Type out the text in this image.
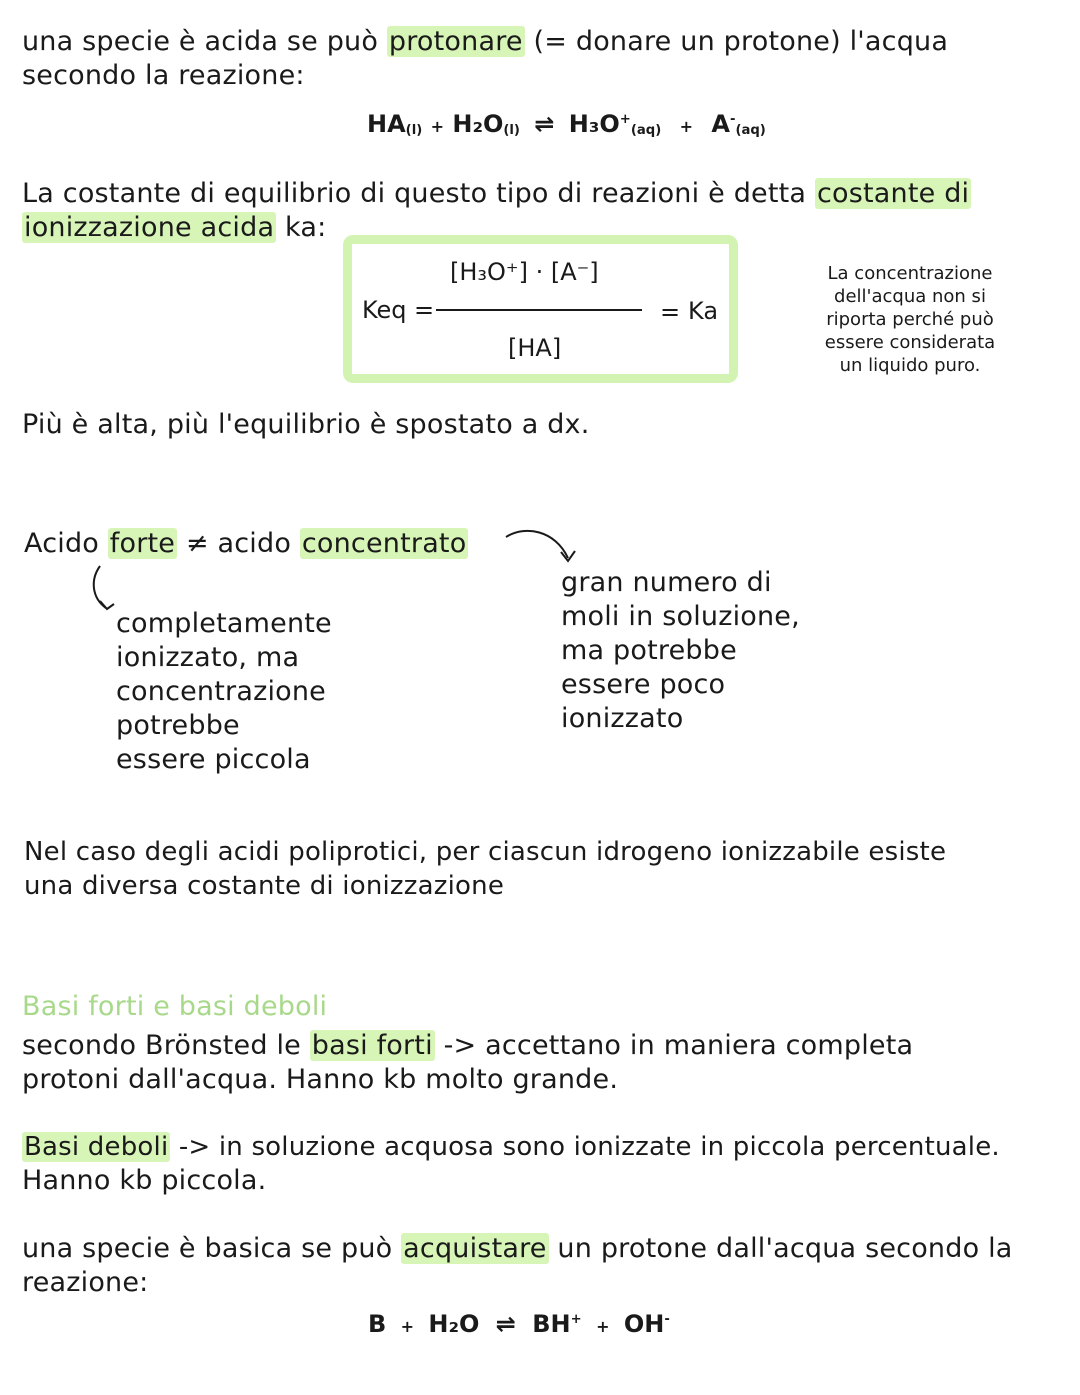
una specie è acida se può protonare (= donare un protone) l'acqua
secondo la reazione:
HA(l) + H₂O(l) ⇌ H₃O+(aq) + A-(aq)
La costante di equilibrio di questo tipo di reazioni è detta costante di
ionizzazione acida ka:
Keq =
[H₃O⁺] · [A⁻]
[HA]
= Ka
La concentrazione
dell'acqua non si
riporta perché può
essere considerata
un liquido puro.
Più è alta, più l'equilibrio è spostato a dx.
Acido forte ≠ acido concentrato
completamente
ionizzato, ma
concentrazione
potrebbe
essere piccola
gran numero di
moli in soluzione,
ma potrebbe
essere poco
ionizzato
Nel caso degli acidi poliprotici, per ciascun idrogeno ionizzabile esiste
una diversa costante di ionizzazione
Basi forti e basi deboli
secondo Brönsted le basi forti -> accettano in maniera completa
protoni dall'acqua. Hanno kb molto grande.
Basi deboli -> in soluzione acquosa sono ionizzate in piccola percentuale.
Hanno kb piccola.
una specie è basica se può acquistare un protone dall'acqua secondo la
reazione:
B + H₂O ⇌ BH+ + OH-
